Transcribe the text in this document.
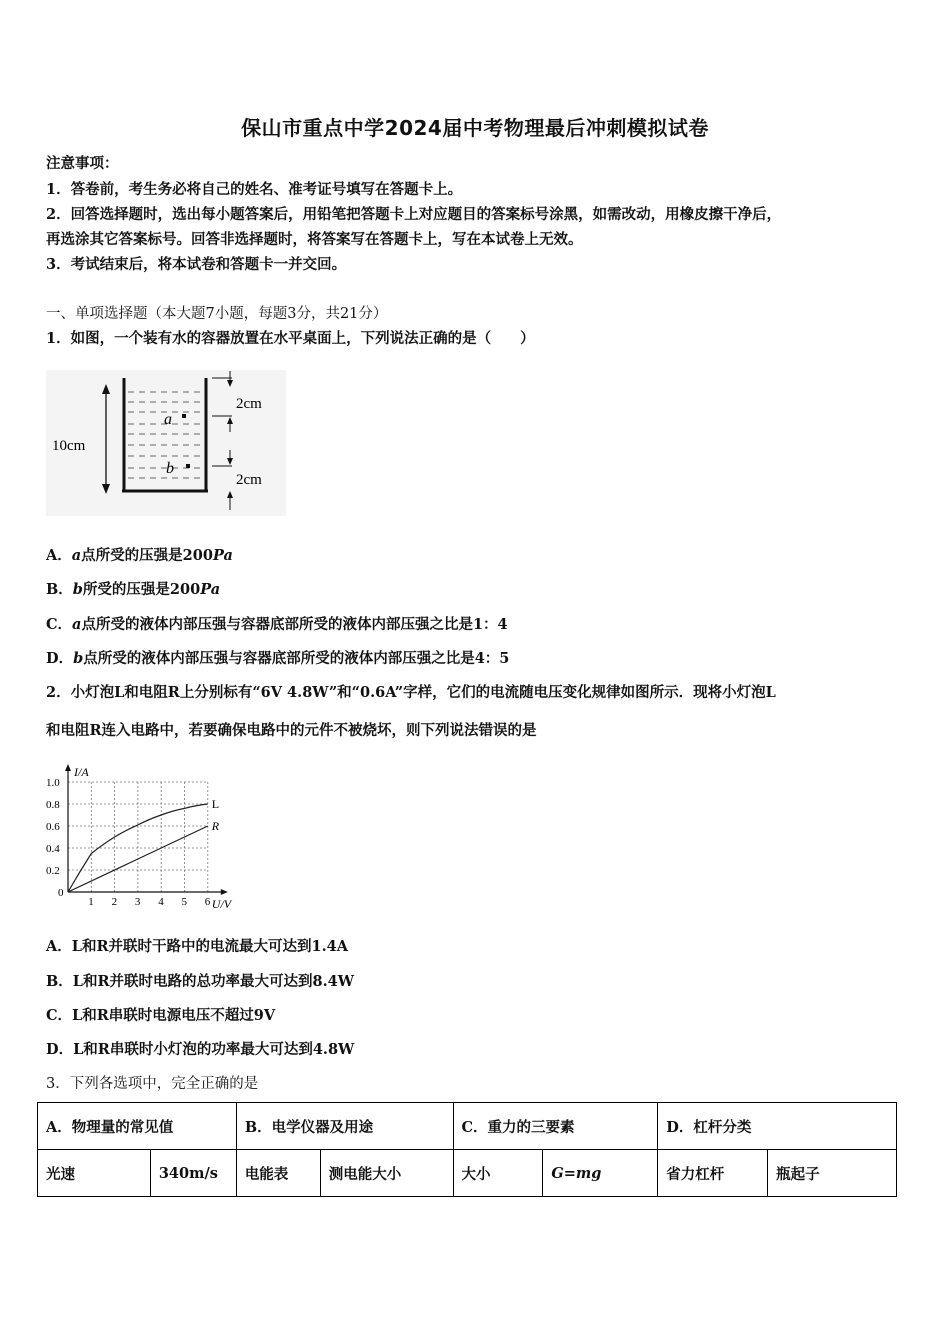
保山市重点中学2024届中考物理最后冲刺模拟试卷
注意事项：
1．答卷前，考生务必将自己的姓名、准考证号填写在答题卡上。
2．回答选择题时，选出每小题答案后，用铅笔把答题卡上对应题目的答案标号涂黑，如需改动，用橡皮擦干净后，
再选涂其它答案标号。回答非选择题时，将答案写在答题卡上，写在本试卷上无效。
3．考试结束后，将本试卷和答题卡一并交回。
一、单项选择题（本大题7小题，每题3分，共21分）
1．如图，一个装有水的容器放置在水平桌面上，下列说法正确的是（　　）
10cm
a
b
2cm
2cm
A．a点所受的压强是200Pa
B．b所受的压强是200Pa
C．a点所受的液体内部压强与容器底部所受的液体内部压强之比是1：4
D．b点所受的液体内部压强与容器底部所受的液体内部压强之比是4：5
2．小灯泡L和电阻R上分别标有“6V 4.8W”和“0.6A”字样，它们的电流随电压变化规律如图所示．现将小灯泡L
和电阻R连入电路中，若要确保电路中的元件不被烧坏，则下列说法错误的是
1 2 3 4 5 6
1.0
0.8
0.6
0.4
0.2
0
U/V
I/A
L
R
A．L和R并联时干路中的电流最大可达到1.4A
B．L和R并联时电路的总功率最大可达到8.4W
C．L和R串联时电源电压不超过9V
D．L和R串联时小灯泡的功率最大可达到4.8W
3．下列各选项中，完全正确的是
A．物理量的常见值		B．电学仪器及用途		C．重力的三要素		D．杠杆分类	
光速	340m/s	电能表	测电能大小	大小	G=mg	省力杠杆	瓶起子
